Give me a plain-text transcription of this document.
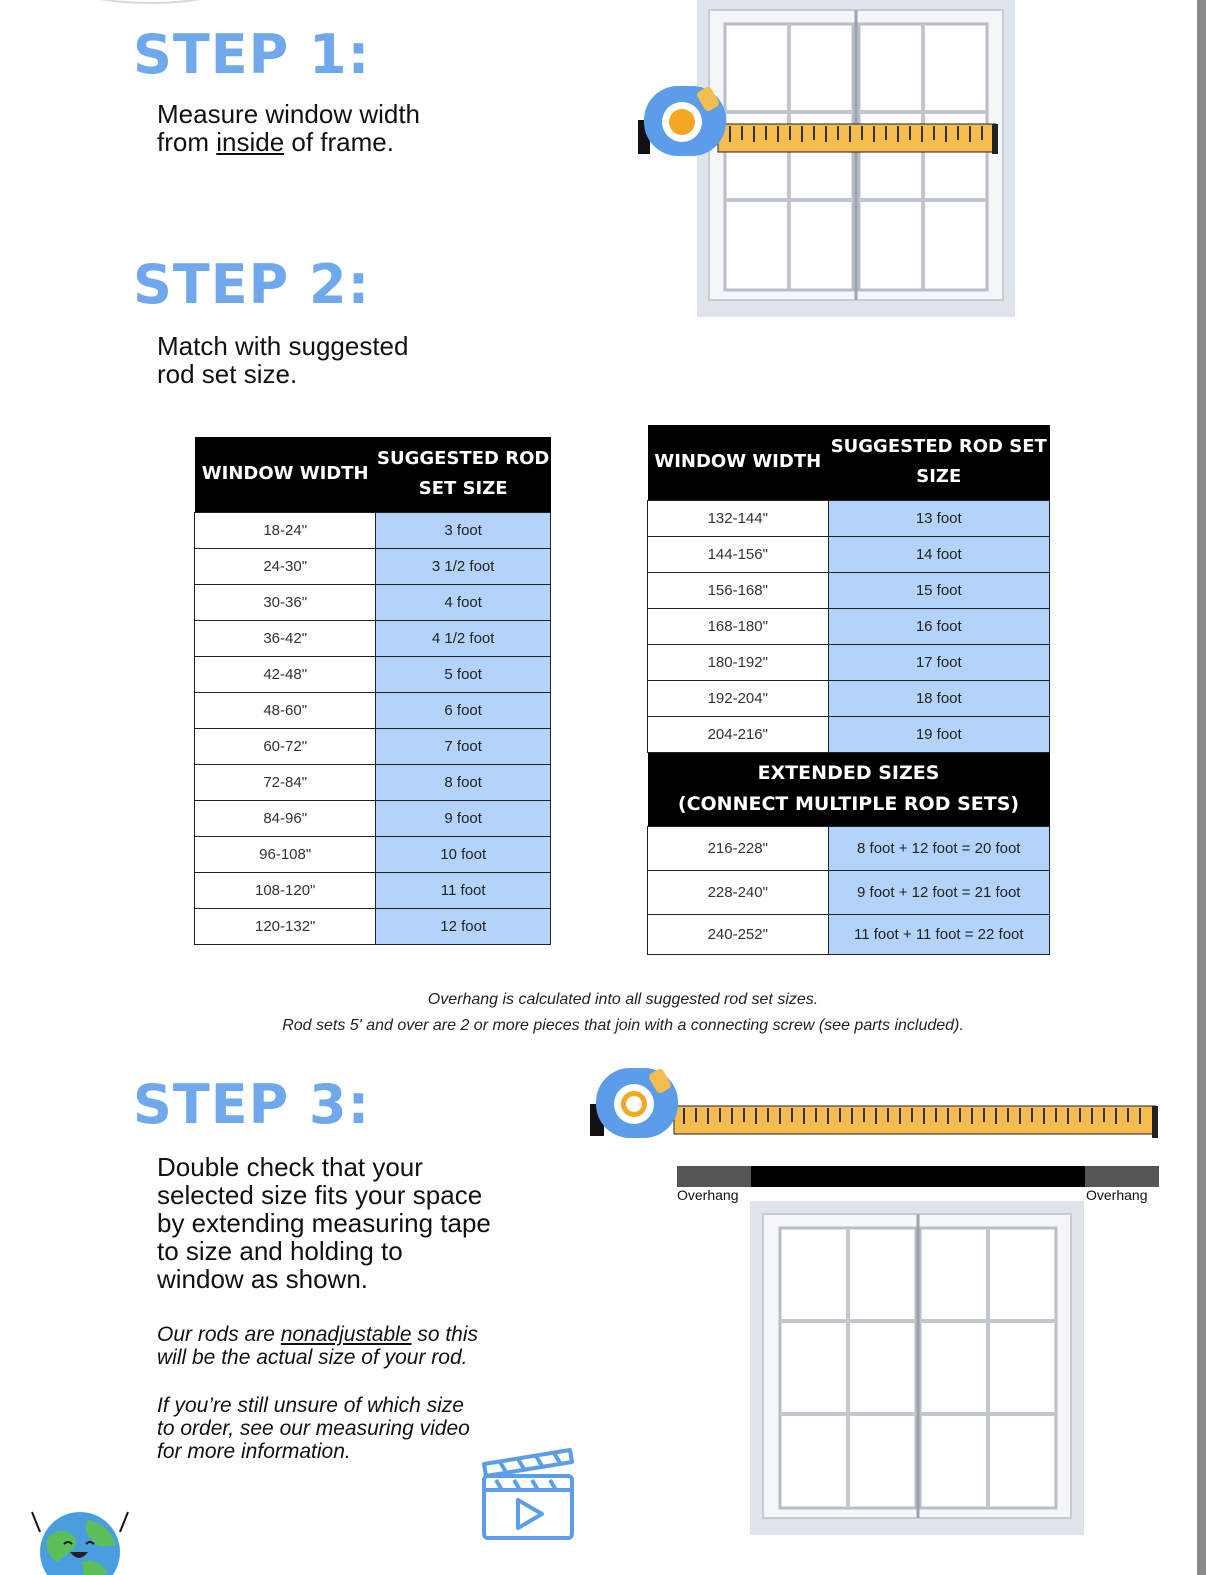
STEP 1:

Measure window width
from inside of frame.

STEP 2:

Match with suggested
rod set size.

WINDOW WIDTH	SUGGESTED ROD SET SIZE
18-24"	3 foot
24-30"	3 1/2 foot
30-36"	4 foot
36-42"	4 1/2 foot
42-48"	5 foot
48-60"	6 foot
60-72"	7 foot
72-84"	8 foot
84-96"	9 foot
96-108"	10 foot
108-120"	11 foot
120-132"	12 foot
WINDOW WIDTH	SUGGESTED ROD SET SIZE
132-144"	13 foot
144-156"	14 foot
156-168"	15 foot
168-180"	16 foot
180-192"	17 foot
192-204"	18 foot
204-216"	19 foot
EXTENDED SIZES
(CONNECT MULTIPLE ROD SETS)	
216-228"	8 foot + 12 foot = 20 foot
228-240"	9 foot + 12 foot = 21 foot
240-252"	11 foot + 11 foot = 22 foot

Overhang is calculated into all suggested rod set sizes.

Rod sets 5' and over are 2 or more pieces that join with a connecting screw (see parts included).

STEP 3:

Double check that your
selected size fits your space
by extending measuring tape
to size and holding to
window as shown.

Our rods are nonadjustable so this
will be the actual size of your rod.

If you’re still unsure of which size
to order, see our measuring video
for more information.

Overhang	Overhang
